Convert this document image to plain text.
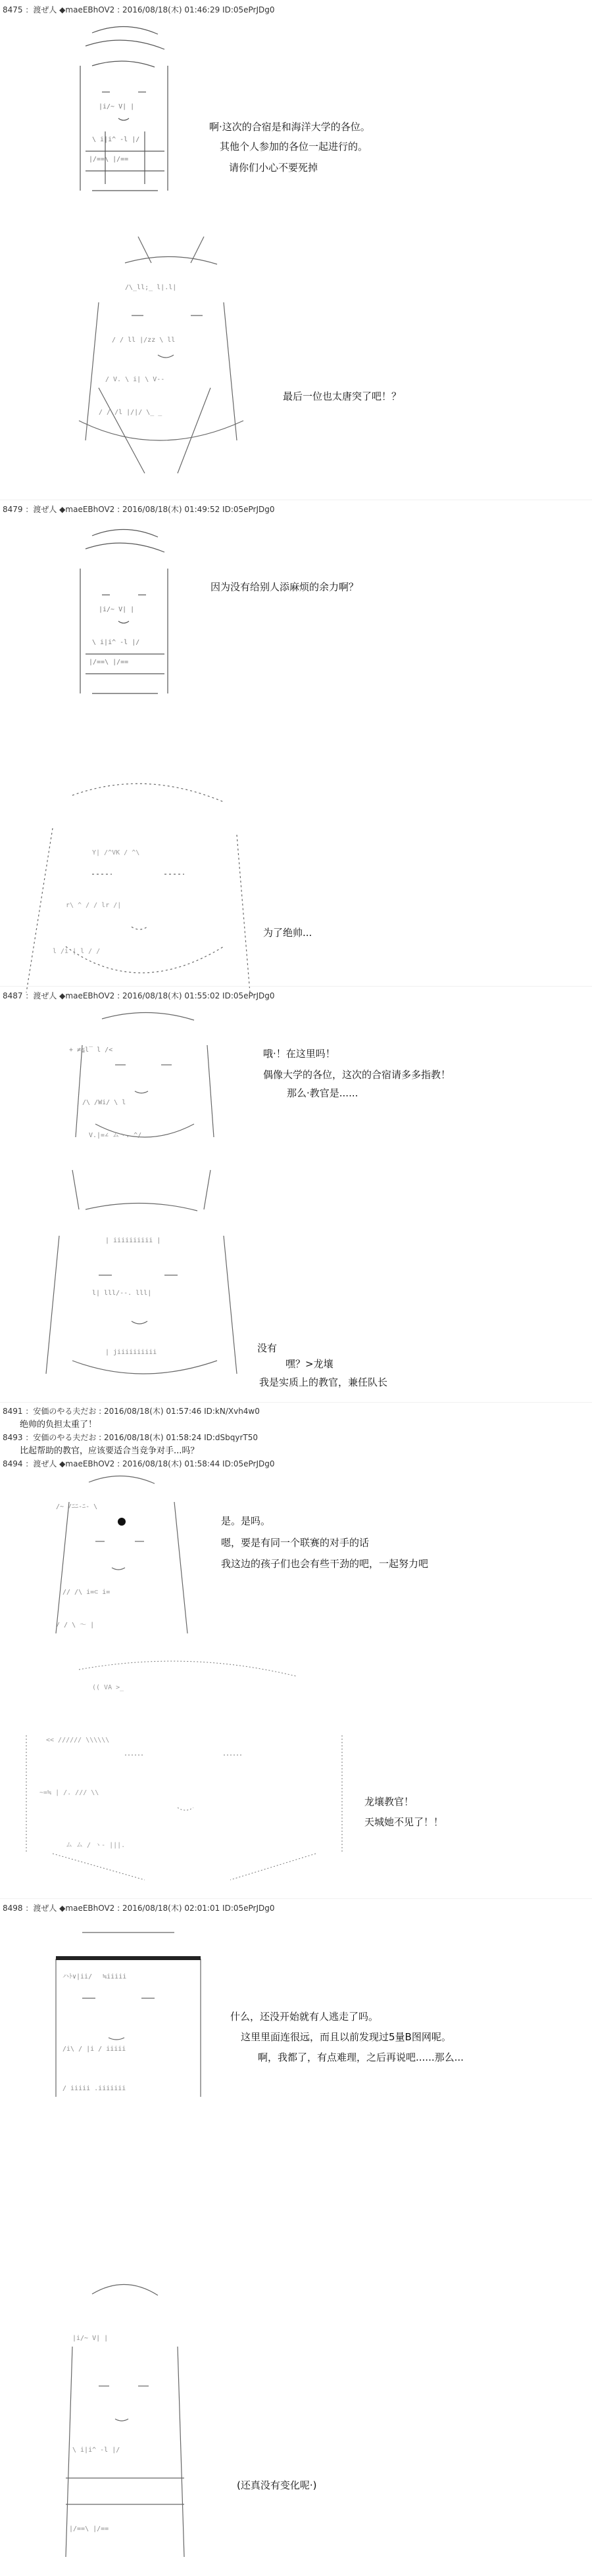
8475 ：渡ぜ人 ◆maeEBhOV2 : 2016/08/18(木) 01:46:29 ID:05ePrJDg0
|i/~ V| |
\ i|i^ -l |/
|/==\ |/==
啊·这次的合宿是和海洋大学的各位。
其他个人参加的各位一起进行的。
请你们小心不要死掉
/\_ll;_ l|.l|
/ / ll |/zz \ ll
/ V. \ i| \ V--
/ / /l |/|/ \_ _
最后一位也太唐突了吧！？
8479 ：渡ぜ人 ◆maeEBhOV2 : 2016/08/18(木) 01:49:52 ID:05ePrJDg0
|i/~ V| |
\ i|i^ -l |/
|/==\ |/==
因为没有给别人添麻烦的余力啊？
Y| /^VK / ^\
r\ ^ / / lr /|
l /i | l / /
为了绝帅...
8487 ：渡ぜ人 ◆maeEBhOV2 : 2016/08/18(木) 01:55:02 ID:05ePrJDg0
+ ≠≦l‾ l /<
/\ /Wi/ \ l
V.|=∠ ムヽ. ^/
哦·！在这里吗！
偶像大学的各位，这次的合宿请多多指教！
那么·教官是......
| iiiiiiiiii |
l| lll/--. lll|
| jiiiiiiiiii	没有
嘿？>龙壤
我是实质上的教官，兼任队长
8491 ：安価のやる夫だお : 2016/08/18(木) 01:57:46 ID:kN/Xvh4w0
绝帅的负担太重了！
8493 ：安価のやる夫だお : 2016/08/18(木) 01:58:24 ID:dSbqyrT50
比起帮助的教官，应该要适合当竞争对手...吗？
8494 ：渡ぜ人 ◆maeEBhOV2 : 2016/08/18(木) 01:58:44 ID:05ePrJDg0
/~ /ﾆﾆ-ﾆ- \
// /\ i=⊂ i=
/ / \ ～ |
是。是吗。
嗯，要是有同一个联赛的对手的话
我这边的孩子们也会有些干劲的吧，一起努力吧
(( VA >_
<< ////// \\\\\\
~=≒ | /. /// \\
ム ム / ヽ- |||.
龙壤教官！
天城她不见了！！
8498 ：渡ぜ人 ◆maeEBhOV2 : 2016/08/18(木) 02:01:01 ID:05ePrJDg0
ハﾄ∨|ii/　 ≒iiiii
/i\ / |i / iiiii
/ iiiii .iiiiiii
什么，还没开始就有人逃走了吗。
这里里面连很远，而且以前发现过5量B图网呢。
啊，我都了，有点难理，之后再说吧......那么...
|i/~ V| |
\ i|i^ -l |/
|/==\ |/==
(还真没有变化呢·)
